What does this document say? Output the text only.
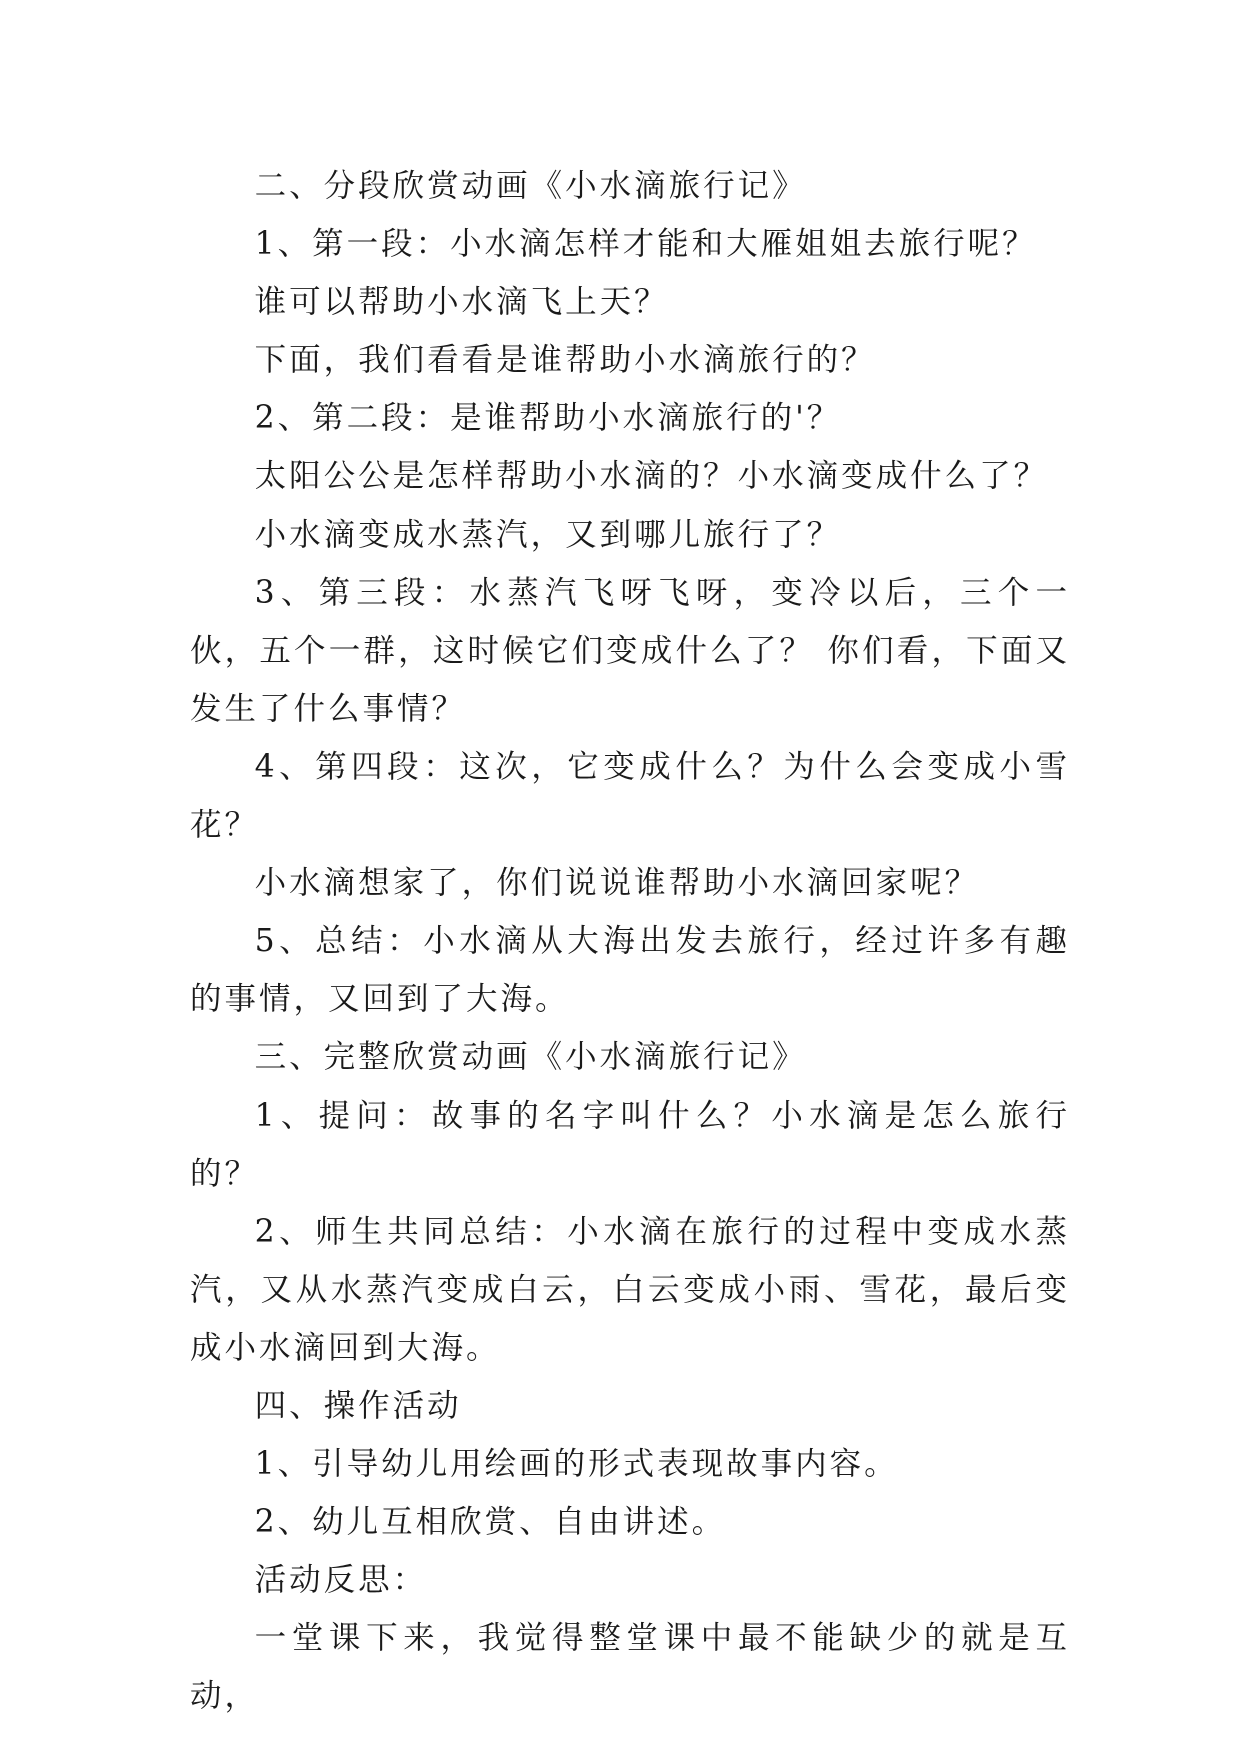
二、分段欣赏动画《小水滴旅行记》

1、第一段：小水滴怎样才能和大雁姐姐去旅行呢？

谁可以帮助小水滴飞上天？

下面，我们看看是谁帮助小水滴旅行的？

2、第二段：是谁帮助小水滴旅行的'？

太阳公公是怎样帮助小水滴的？小水滴变成什么了？

小水滴变成水蒸汽，又到哪儿旅行了？

3、第三段：水蒸汽飞呀飞呀，变冷以后，三个一伙，五个一群，这时候它们变成什么了？ 你们看，下面又发生了什么事情？

4、第四段：这次，它变成什么？为什么会变成小雪花？

小水滴想家了，你们说说谁帮助小水滴回家呢？

5、总结：小水滴从大海出发去旅行，经过许多有趣的事情，又回到了大海。

三、完整欣赏动画《小水滴旅行记》

1、提问：故事的名字叫什么？小水滴是怎么旅行的？

2、师生共同总结：小水滴在旅行的过程中变成水蒸汽，又从水蒸汽变成白云，白云变成小雨、雪花，最后变成小水滴回到大海。

四、操作活动

1、引导幼儿用绘画的形式表现故事内容。

2、幼儿互相欣赏、自由讲述。

活动反思：

一堂课下来，我觉得整堂课中最不能缺少的就是互动，
